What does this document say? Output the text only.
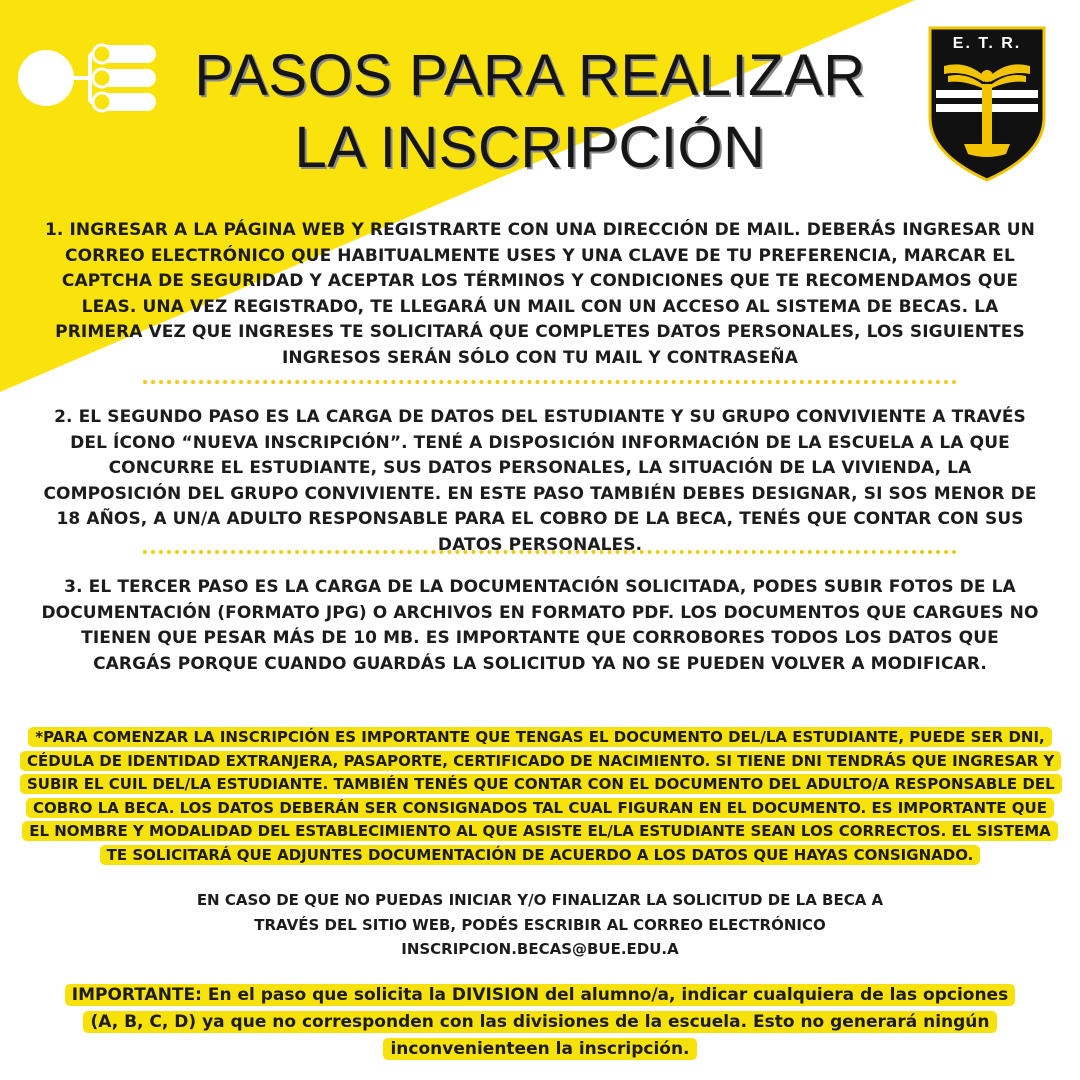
PASOS PARA REALIZAR
LA INSCRIPCIÓN
E. T. R.
1. INGRESAR A LA PÁGINA WEB Y REGISTRARTE CON UNA DIRECCIÓN DE MAIL. DEBERÁS INGRESAR UN CORREO ELECTRÓNICO QUE HABITUALMENTE USES Y UNA CLAVE DE TU PREFERENCIA, MARCAR EL CAPTCHA DE SEGURIDAD Y ACEPTAR LOS TÉRMINOS Y CONDICIONES QUE TE RECOMENDAMOS QUE LEAS. UNA VEZ REGISTRADO, TE LLEGARÁ UN MAIL CON UN ACCESO AL SISTEMA DE BECAS. LA PRIMERA VEZ QUE INGRESES TE SOLICITARÁ QUE COMPLETES DATOS PERSONALES, LOS SIGUIENTES INGRESOS SERÁN SÓLO CON TU MAIL Y CONTRASEÑA
2. EL SEGUNDO PASO ES LA CARGA DE DATOS DEL ESTUDIANTE Y SU GRUPO CONVIVIENTE A TRAVÉS DEL ÍCONO “NUEVA INSCRIPCIÓN”. TENÉ A DISPOSICIÓN INFORMACIÓN DE LA ESCUELA A LA QUE CONCURRE EL ESTUDIANTE, SUS DATOS PERSONALES, LA SITUACIÓN DE LA VIVIENDA, LA COMPOSICIÓN DEL GRUPO CONVIVIENTE. EN ESTE PASO TAMBIÉN DEBES DESIGNAR, SI SOS MENOR DE 18 AÑOS, A UN/A ADULTO RESPONSABLE PARA EL COBRO DE LA BECA, TENÉS QUE CONTAR CON SUS DATOS PERSONALES.
3. EL TERCER PASO ES LA CARGA DE LA DOCUMENTACIÓN SOLICITADA, PODES SUBIR FOTOS DE LA DOCUMENTACIÓN (FORMATO JPG) O ARCHIVOS EN FORMATO PDF. LOS DOCUMENTOS QUE CARGUES NO TIENEN QUE PESAR MÁS DE 10 MB. ES IMPORTANTE QUE CORROBORES TODOS LOS DATOS QUE CARGÁS PORQUE CUANDO GUARDÁS LA SOLICITUD YA NO SE PUEDEN VOLVER A MODIFICAR.
*PARA COMENZAR LA INSCRIPCIÓN ES IMPORTANTE QUE TENGAS EL DOCUMENTO DEL/LA ESTUDIANTE, PUEDE SER DNI, CÉDULA DE IDENTIDAD EXTRANJERA, PASAPORTE, CERTIFICADO DE NACIMIENTO. SI TIENE DNI TENDRÁS QUE INGRESAR Y SUBIR EL CUIL DEL/LA ESTUDIANTE. TAMBIÉN TENÉS QUE CONTAR CON EL DOCUMENTO DEL ADULTO/A RESPONSABLE DEL COBRO LA BECA. LOS DATOS DEBERÁN SER CONSIGNADOS TAL CUAL FIGURAN EN EL DOCUMENTO. ES IMPORTANTE QUE EL NOMBRE Y MODALIDAD DEL ESTABLECIMIENTO AL QUE ASISTE EL/LA ESTUDIANTE SEAN LOS CORRECTOS. EL SISTEMA TE SOLICITARÁ QUE ADJUNTES DOCUMENTACIÓN DE ACUERDO A LOS DATOS QUE HAYAS CONSIGNADO.
EN CASO DE QUE NO PUEDAS INICIAR Y/O FINALIZAR LA SOLICITUD DE LA BECA A
TRAVÉS DEL SITIO WEB, PODÉS ESCRIBIR AL CORREO ELECTRÓNICO
INSCRIPCION.BECAS@BUE.EDU.A
IMPORTANTE: En el paso que solicita la DIVISION del alumno/a, indicar cualquiera de las opciones (A, B, C, D) ya que no corresponden con las divisiones de la escuela. Esto no generará ningún inconvenienteen la inscripción.
